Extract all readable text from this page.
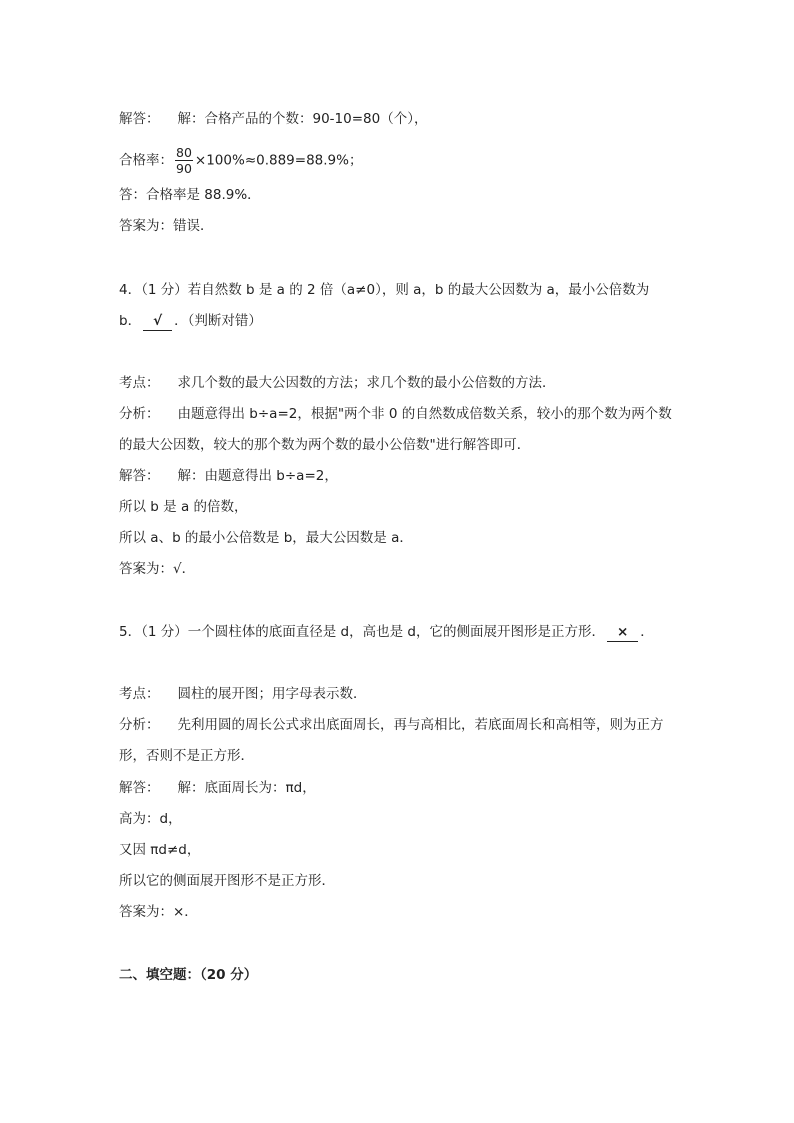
解答： 解：合格产品的个数：90-10=80（个），
合格率： $\frac{80}{90} \times 100\%\approx 0.889=88.9\%$；
答：合格率是 88.9%．
答案为：错误．
4．（1 分）若自然数 b 是 a 的 2 倍（a≠0），则 a，b 的最大公因数为 a，最小公倍数为
b． √ ．（判断对错）
考点： 求几个数的最大公因数的方法；求几个数的最小公倍数的方法．
分析： 由题意得出 b÷a=2，根据"两个非 0 的自然数成倍数关系，较小的那个数为两个数
的最大公因数，较大的那个数为两个数的最小公倍数"进行解答即可．
解答： 解：由题意得出 b÷a=2，
所以 b 是 a 的倍数，
所以 a、b 的最小公倍数是 b，最大公因数是 a．
答案为：√．
5．（1 分）一个圆柱体的底面直径是 d，高也是 d，它的侧面展开图形是正方形． × ．
考点： 圆柱的展开图；用字母表示数．
分析： 先利用圆的周长公式求出底面周长，再与高相比，若底面周长和高相等，则为正方
形，否则不是正方形．
解答： 解：底面周长为：πd，
高为：d，
又因 πd≠d，
所以它的侧面展开图形不是正方形．
答案为：×．
二、填空题：（20 分）
